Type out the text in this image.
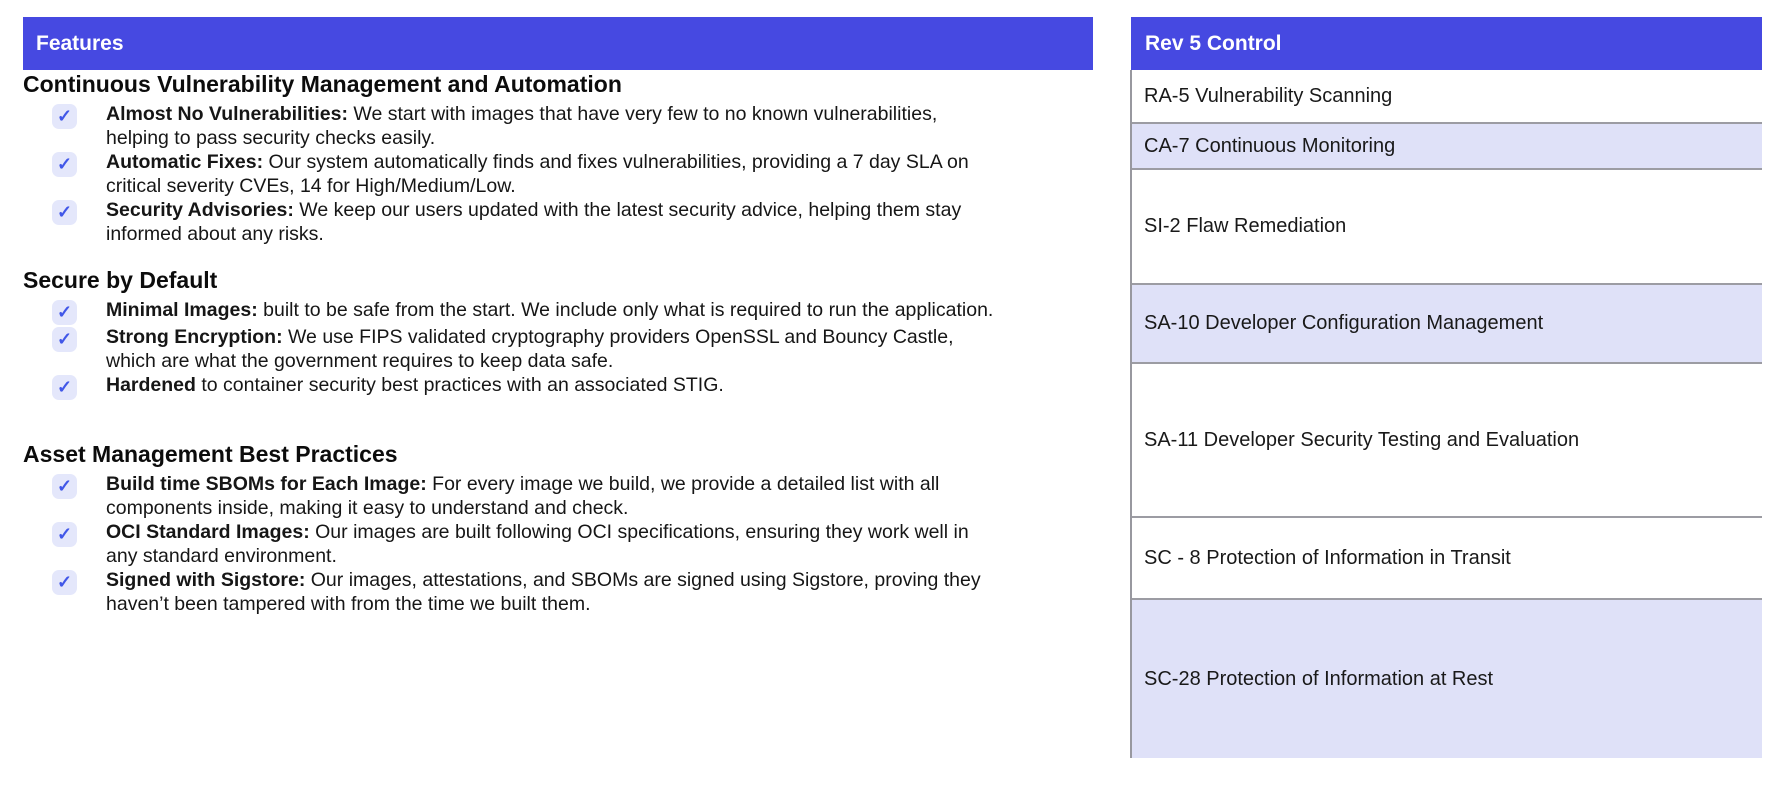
Features	Rev 5 Control
Continuous Vulnerability Management and Automation
✓ Almost No Vulnerabilities: We start with images that have very few to no known vulnerabilities, helping to pass security checks easily.
✓ Automatic Fixes: Our system automatically finds and fixes vulnerabilities, providing a 7 day SLA on critical severity CVEs, 14 for High/Medium/Low.
✓ Security Advisories: We keep our users updated with the latest security advice, helping them stay informed about any risks.
Secure by Default
✓ Minimal Images: built to be safe from the start. We include only what is required to run the application.
✓ Strong Encryption: We use FIPS validated cryptography providers OpenSSL and Bouncy Castle, which are what the government requires to keep data safe.
✓ Hardened to container security best practices with an associated STIG.
Asset Management Best Practices
✓ Build time SBOMs for Each Image: For every image we build, we provide a detailed list with all components inside, making it easy to understand and check.
✓ OCI Standard Images: Our images are built following OCI specifications, ensuring they work well in any standard environment.
✓ Signed with Sigstore: Our images, attestations, and SBOMs are signed using Sigstore, proving they haven’t been tampered with from the time we built them.
RA-5 Vulnerability Scanning
CA-7 Continuous Monitoring
SI-2 Flaw Remediation
SA-10 Developer Configuration Management
SA-11 Developer Security Testing and Evaluation
SC - 8 Protection of Information in Transit
SC-28 Protection of Information at Rest
